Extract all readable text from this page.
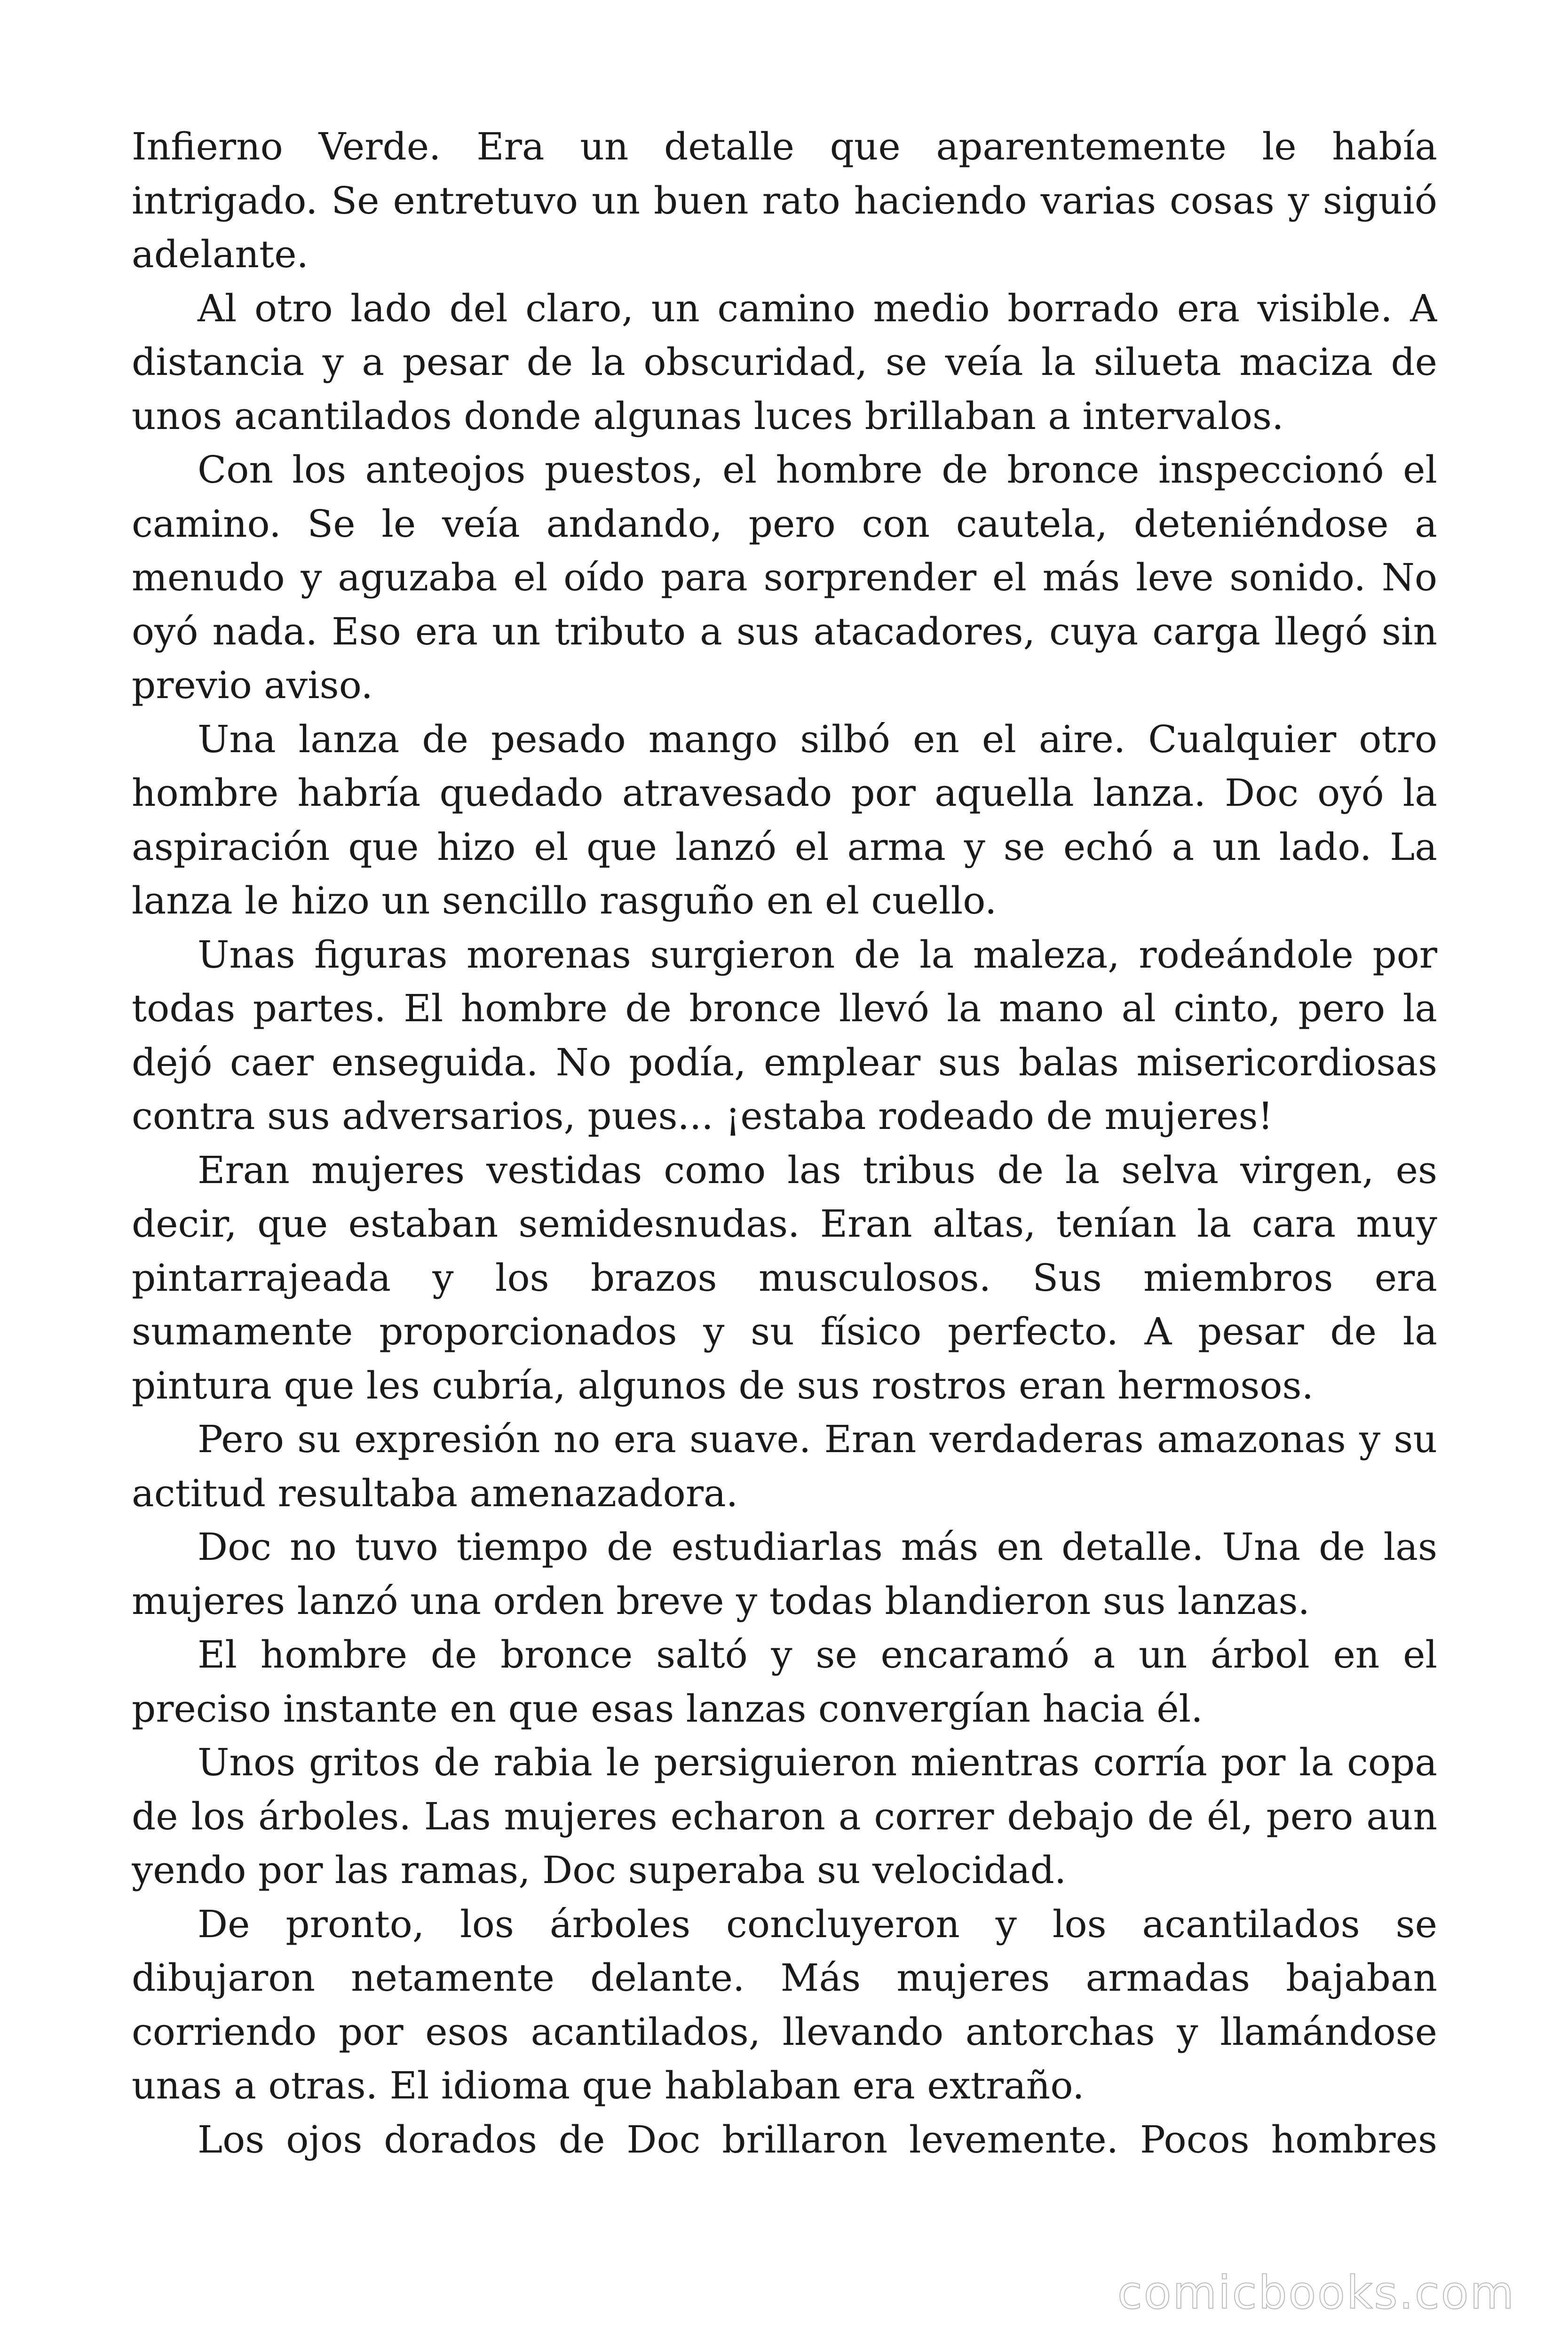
Infierno Verde. Era un detalle que aparentemente le había intrigado. Se entretuvo un buen rato haciendo varias cosas y siguió adelante.

Al otro lado del claro, un camino medio borrado era visible. A distancia y a pesar de la obscuridad, se veía la silueta maciza de unos acantilados donde algunas luces brillaban a intervalos.

Con los anteojos puestos, el hombre de bronce inspeccionó el camino. Se le veía andando, pero con cautela, deteniéndose a menudo y aguzaba el oído para sorprender el más leve sonido. No oyó nada. Eso era un tributo a sus atacadores, cuya carga llegó sin previo aviso.

Una lanza de pesado mango silbó en el aire. Cualquier otro hombre habría quedado atravesado por aquella lanza. Doc oyó la aspiración que hizo el que lanzó el arma y se echó a un lado. La lanza le hizo un sencillo rasguño en el cuello.

Unas figuras morenas surgieron de la maleza, rodeándole por todas partes. El hombre de bronce llevó la mano al cinto, pero la dejó caer enseguida. No podía, emplear sus balas misericordiosas contra sus adversarios, pues... ¡estaba rodeado de mujeres!

Eran mujeres vestidas como las tribus de la selva virgen, es decir, que estaban semidesnudas. Eran altas, tenían la cara muy pintarrajeada y los brazos musculosos. Sus miembros era sumamente proporcionados y su físico perfecto. A pesar de la pintura que les cubría, algunos de sus rostros eran hermosos.

Pero su expresión no era suave. Eran verdaderas amazonas y su actitud resultaba amenazadora.

Doc no tuvo tiempo de estudiarlas más en detalle. Una de las mujeres lanzó una orden breve y todas blandieron sus lanzas.

El hombre de bronce saltó y se encaramó a un árbol en el preciso instante en que esas lanzas convergían hacia él.

Unos gritos de rabia le persiguieron mientras corría por la copa de los árboles. Las mujeres echaron a correr debajo de él, pero aun yendo por las ramas, Doc superaba su velocidad.

De pronto, los árboles concluyeron y los acantilados se dibujaron netamente delante. Más mujeres armadas bajaban corriendo por esos acantilados, llevando antorchas y llamándose unas a otras. El idioma que hablaban era extraño.

Los ojos dorados de Doc brillaron levemente. Pocos hombres

comicbooks.com
